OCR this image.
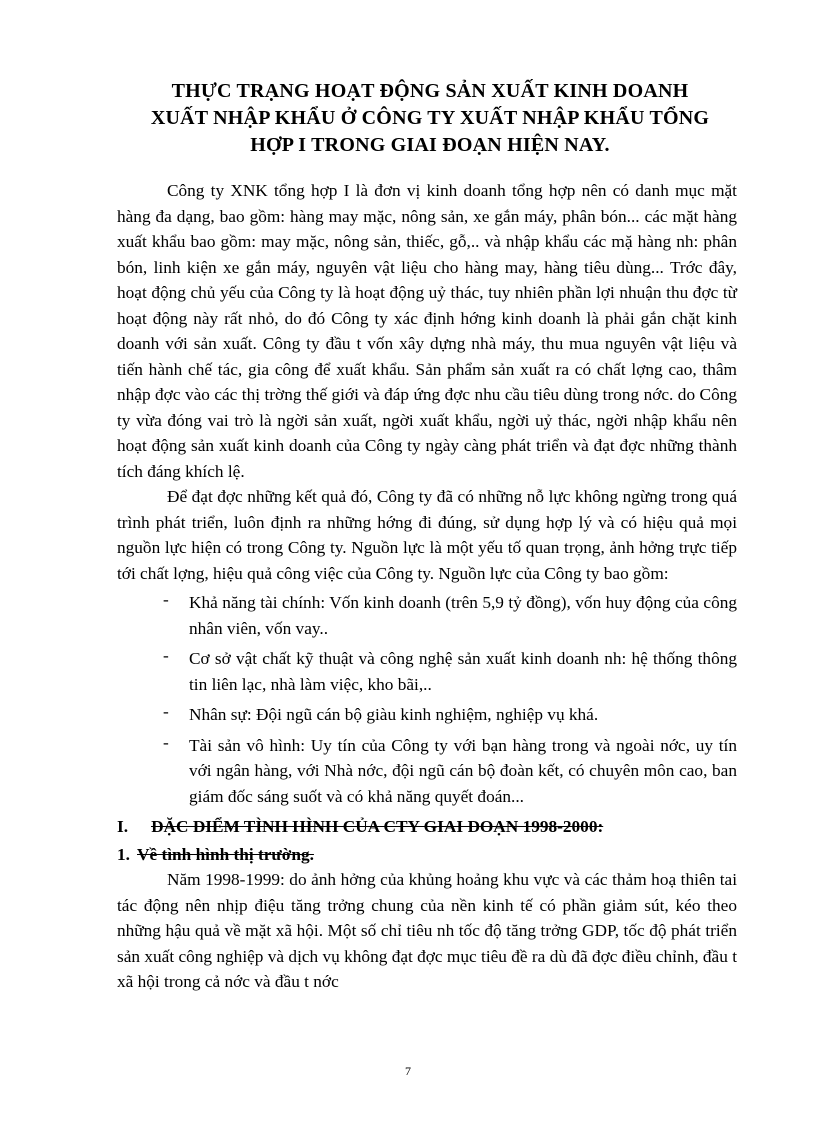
THỰC TRẠNG HOẠT ĐỘNG SẢN XUẤT KINH DOANH
XUẤT NHẬP KHẨU Ở CÔNG TY XUẤT NHẬP KHẨU TỔNG
HỢP I TRONG GIAI ĐOẠN HIỆN NAY.

Công ty XNK tổng hợp I là đơn vị kinh doanh tổng hợp nên có danh mục mặt hàng đa dạng, bao gồm: hàng may mặc, nông sản, xe gắn máy, phân bón... các mặt hàng xuất khẩu bao gồm: may mặc, nông sản, thiếc, gỗ,.. và nhập khẩu các mặ hàng nh: phân bón, linh kiện xe gắn máy, nguyên vật liệu cho hàng may, hàng tiêu dùng... Trớc đây, hoạt động chủ yếu của Công ty là hoạt động uỷ thác, tuy nhiên phần lợi nhuận thu đợc từ hoạt động này rất nhỏ, do đó Công ty xác định hớng kinh doanh là phải gắn chặt kinh doanh với sản xuất. Công ty đầu t vốn xây dựng nhà máy, thu mua nguyên vật liệu và tiến hành chế tác, gia công để xuất khẩu. Sản phẩm sản xuất ra có chất lợng cao, thâm nhập đợc vào các thị trờng thế giới và đáp ứng đợc nhu cầu tiêu dùng trong nớc. do Công ty vừa đóng vai trò là ngời sản xuất, ngời xuất khẩu, ngời uỷ thác, ngời nhập khẩu nên hoạt động sản xuất kinh doanh của Công ty ngày càng phát triển và đạt đợc những thành tích đáng khích lệ.

Để đạt đợc những kết quả đó, Công ty đã có những nỗ lực không ngừng trong quá trình phát triển, luôn định ra những hớng đi đúng, sử dụng hợp lý và có hiệu quả mọi nguồn lực hiện có trong Công ty. Nguồn lực là một yếu tố quan trọng, ảnh hởng trực tiếp tới chất lợng, hiệu quả công việc của Công ty. Nguồn lực của Công ty bao gồm:

- Khả năng tài chính: Vốn kinh doanh (trên 5,9 tỷ đồng), vốn huy động của công nhân viên, vốn vay..
- Cơ sở vật chất kỹ thuật và công nghệ sản xuất kinh doanh nh: hệ thống thông tin liên lạc, nhà làm việc, kho bãi,..
- Nhân sự: Đội ngũ cán bộ giàu kinh nghiệm, nghiệp vụ khá.
- Tài sản vô hình: Uy tín của Công ty với bạn hàng trong và ngoài nớc, uy tín với ngân hàng, với Nhà nớc, đội ngũ cán bộ đoàn kết, có chuyên môn cao, ban giám đốc sáng suốt và có khả năng quyết đoán...
I.	ĐẶC ĐIỂM TÌNH HÌNH CỦA CTY GIAI ĐOẠN 1998-2000:
1. Về tình hình thị trường.

Năm 1998-1999: do ảnh hởng của khủng hoảng khu vực và các thảm hoạ thiên tai tác động nên nhịp điệu tăng trởng chung của nền kinh tế có phần giảm sút, kéo theo những hậu quả về mặt xã hội. Một số chỉ tiêu nh tốc độ tăng trởng GDP, tốc độ phát triển sản xuất công nghiệp và dịch vụ không đạt đợc mục tiêu đề ra dù đã đợc điều chỉnh, đầu t xã hội trong cả nớc và đầu t nớc

7
